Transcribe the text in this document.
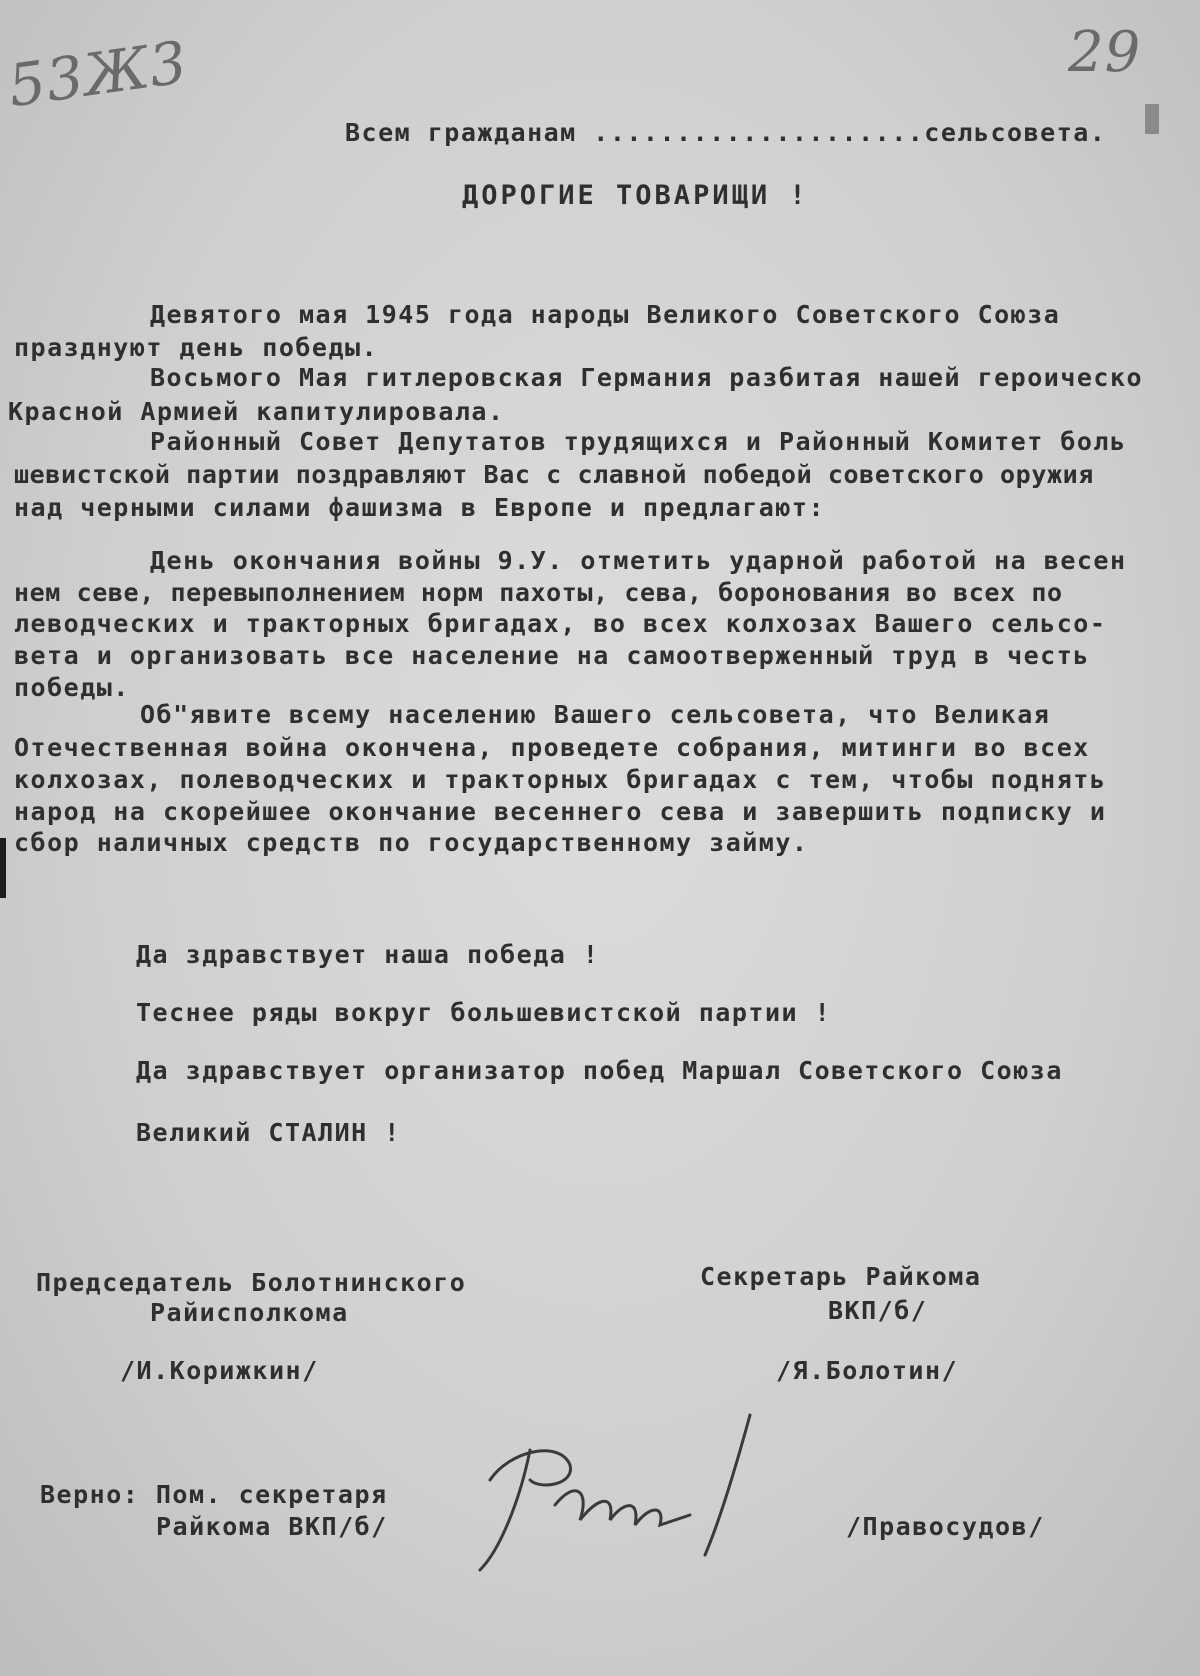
53Ж3	29
Всем гражданам ....................сельсовета.
ДОРОГИЕ ТОВАРИЩИ !
Девятого мая 1945 года народы Великого Советского Союза
празднуют день победы.
Восьмого Мая гитлеровская Германия разбитая нашей героическо
Красной Армией капитулировала.
Районный Совет Депутатов трудящихся и Районный Комитет боль
шевистской партии поздравляют Вас с славной победой советского оружия
над черными силами фашизма в Европе и предлагают:
День окончания войны 9.У. отметить ударной работой на весен
нем севе, перевыполнением норм пахоты, сева, боронования во всех по
леводческих и тракторных бригадах, во всех колхозах Вашего сельсо-
вета и организовать все население на самоотверженный труд в честь
победы.
Об"явите всему населению Вашего сельсовета, что Великая
Отечественная война окончена, проведете собрания, митинги во всех
колхозах, полеводческих и тракторных бригадах с тем, чтобы поднять
народ на скорейшее окончание весеннего сева и завершить подписку и
сбор наличных средств по государственному займу.
Да здравствует наша победа !
Теснее ряды вокруг большевистской партии !
Да здравствует организатор побед Маршал Советского Союза
Великий СТАЛИН !
Председатель Болотнинского
Райисполкома
/И.Корижкин/
Секретарь Райкома
ВКП/б/
/Я.Болотин/
Верно: Пом. секретаря
Райкома ВКП/б/	/Правосудов/
